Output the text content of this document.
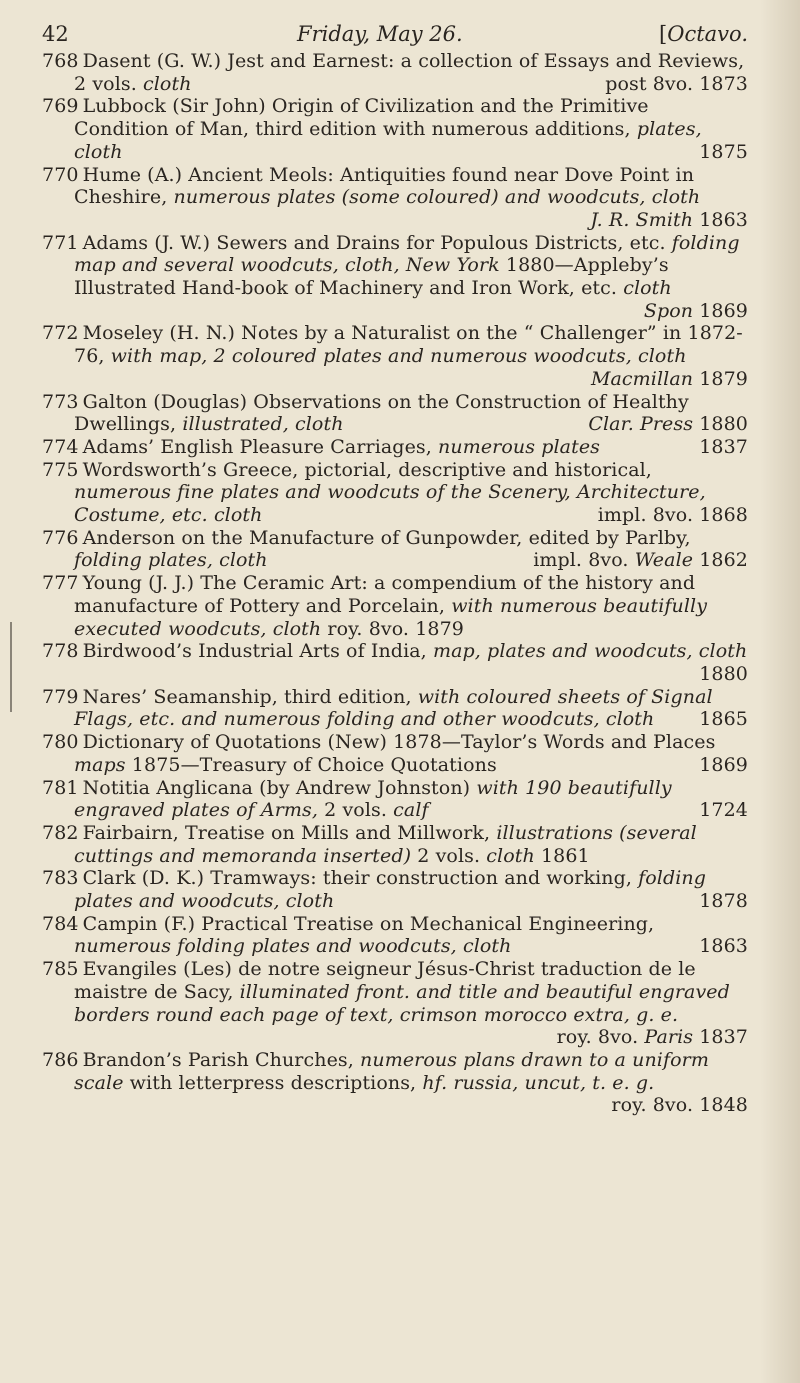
42	Friday, May 26.	[Octavo.
768 Dasent (G. W.) Jest and Earnest: a collection of Essays and Reviews, 2 vols. cloth	post 8vo. 1873
769 Lubbock (Sir John) Origin of Civilization and the Primitive Condition of Man, third edition with numerous additions, plates, cloth	1875
770 Hume (A.) Ancient Meols: Antiquities found near Dove Point in Cheshire, numerous plates (some coloured) and woodcuts, cloth
J. R. Smith 1863
771 Adams (J. W.) Sewers and Drains for Populous Districts, etc. folding map and several woodcuts, cloth, New York 1880—Appleby’s Illustrated Hand-book of Machinery and Iron Work, etc. cloth
Spon 1869
772 Moseley (H. N.) Notes by a Naturalist on the “ Challenger” in 1872-76, with map, 2 coloured plates and numerous woodcuts, cloth
Macmillan 1879
773 Galton (Douglas) Observations on the Construction of Healthy Dwellings, illustrated, cloth	Clar. Press 1880
774 Adams’ English Pleasure Carriages, numerous plates	1837
775 Wordsworth’s Greece, pictorial, descriptive and historical, numerous fine plates and woodcuts of the Scenery, Architecture, Costume, etc. cloth	impl. 8vo. 1868
776 Anderson on the Manufacture of Gunpowder, edited by Parlby, folding plates, cloth	impl. 8vo. Weale 1862
777 Young (J. J.) The Ceramic Art: a compendium of the history and manufacture of Pottery and Porcelain, with numerous beautifully executed woodcuts, cloth roy. 8vo. 1879
778 Birdwood’s Industrial Arts of India, map, plates and woodcuts, cloth
1880
779 Nares’ Seamanship, third edition, with coloured sheets of Signal Flags, etc. and numerous folding and other woodcuts, cloth 1865
780 Dictionary of Quotations (New) 1878—Taylor’s Words and Places maps 1875—Treasury of Choice Quotations	1869
781 Notitia Anglicana (by Andrew Johnston) with 190 beautifully engraved plates of Arms, 2 vols. calf	1724
782 Fairbairn, Treatise on Mills and Millwork, illustrations (several cuttings and memoranda inserted) 2 vols. cloth 1861
783 Clark (D. K.) Tramways: their construction and working, folding plates and woodcuts, cloth	1878
784 Campin (F.) Practical Treatise on Mechanical Engineering, numerous folding plates and woodcuts, cloth	1863
785 Evangiles (Les) de notre seigneur Jésus-Christ traduction de le maistre de Sacy, illuminated front. and title and beautiful engraved borders round each page of text, crimson morocco extra, g. e.
roy. 8vo. Paris 1837
786 Brandon’s Parish Churches, numerous plans drawn to a uniform scale with letterpress descriptions, hf. russia, uncut, t. e. g.
roy. 8vo. 1848
